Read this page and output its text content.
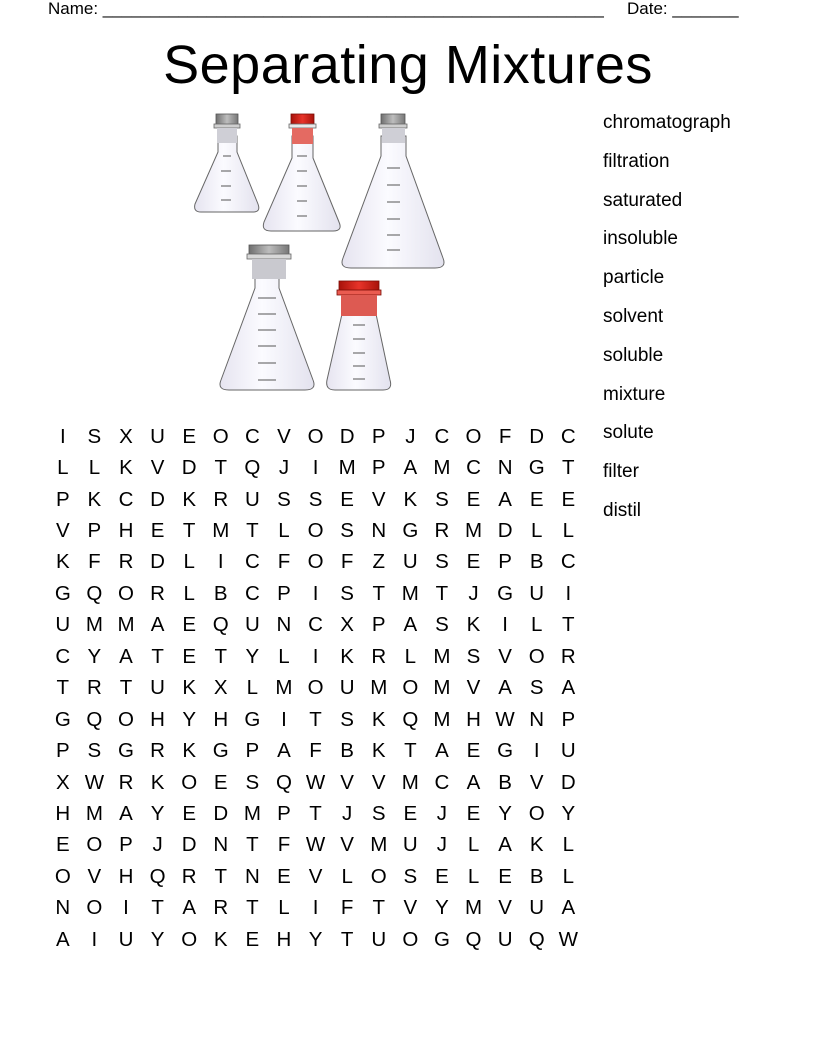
Name: _____________________________________________________ Date: _______
Separating Mixtures
chromatograph
filtration
saturated
insoluble
particle
solvent
soluble
mixture
solute
filter
distil
I	S	X	U	E	O	C	V	O	D	P	J	C	O	F	D	C
L	L	K	V	D	T	Q	J	I	M	P	A	M	C	N	G	T
P	K	C	D	K	R	U	S	S	E	V	K	S	E	A	E	E
V	P	H	E	T	M	T	L	O	S	N	G	R	M	D	L	L
K	F	R	D	L	I	C	F	O	F	Z	U	S	E	P	B	C
G	Q	O	R	L	B	C	P	I	S	T	M	T	J	G	U	I
U	M	M	A	E	Q	U	N	C	X	P	A	S	K	I	L	T
C	Y	A	T	E	T	Y	L	I	K	R	L	M	S	V	O	R
T	R	T	U	K	X	L	M	O	U	M	O	M	V	A	S	A
G	Q	O	H	Y	H	G	I	T	S	K	Q	M	H	W	N	P
P	S	G	R	K	G	P	A	F	B	K	T	A	E	G	I	U
X	W	R	K	O	E	S	Q	W	V	V	M	C	A	B	V	D
H	M	A	Y	E	D	M	P	T	J	S	E	J	E	Y	O	Y
E	O	P	J	D	N	T	F	W	V	M	U	J	L	A	K	L
O	V	H	Q	R	T	N	E	V	L	O	S	E	L	E	B	L
N	O	I	T	A	R	T	L	I	F	T	V	Y	M	V	U	A
A	I	U	Y	O	K	E	H	Y	T	U	O	G	Q	U	Q	W
